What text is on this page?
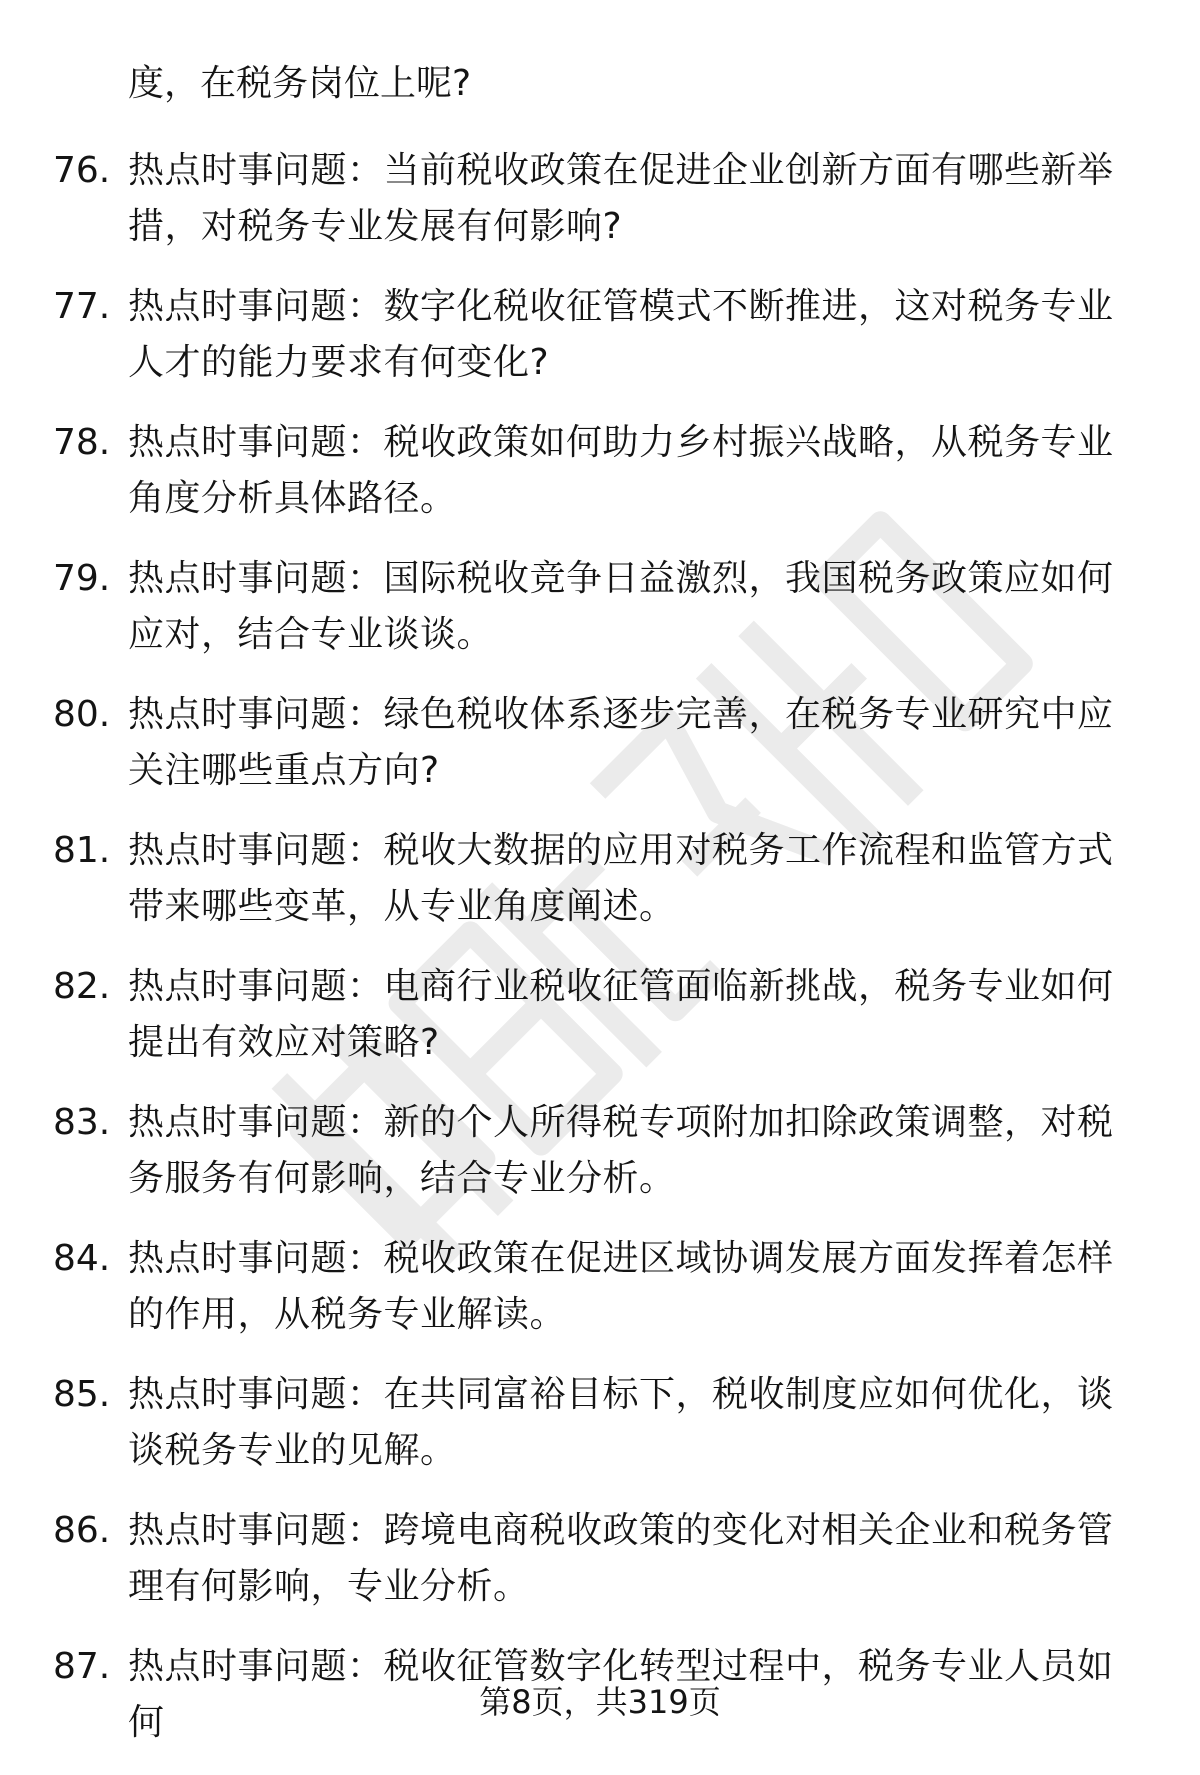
度，在税务岗位上呢?

76. 热点时事问题：当前税收政策在促进企业创新方面有哪些新举措，对税务专业发展有何影响?
77. 热点时事问题：数字化税收征管模式不断推进，这对税务专业人才的能力要求有何变化?
78. 热点时事问题：税收政策如何助力乡村振兴战略，从税务专业角度分析具体路径。
79. 热点时事问题：国际税收竞争日益激烈，我国税务政策应如何应对，结合专业谈谈。
80. 热点时事问题：绿色税收体系逐步完善，在税务专业研究中应关注哪些重点方向?
81. 热点时事问题：税收大数据的应用对税务工作流程和监管方式带来哪些变革，从专业角度阐述。
82. 热点时事问题：电商行业税收征管面临新挑战，税务专业如何提出有效应对策略?
83. 热点时事问题：新的个人所得税专项附加扣除政策调整，对税务服务有何影响，结合专业分析。
84. 热点时事问题：税收政策在促进区域协调发展方面发挥着怎样的作用，从税务专业解读。
85. 热点时事问题：在共同富裕目标下，税收制度应如何优化，谈谈税务专业的见解。
86. 热点时事问题：跨境电商税收政策的变化对相关企业和税务管理有何影响，专业分析。
87. 热点时事问题：税收征管数字化转型过程中，税务专业人员如何	第8页，共319页
